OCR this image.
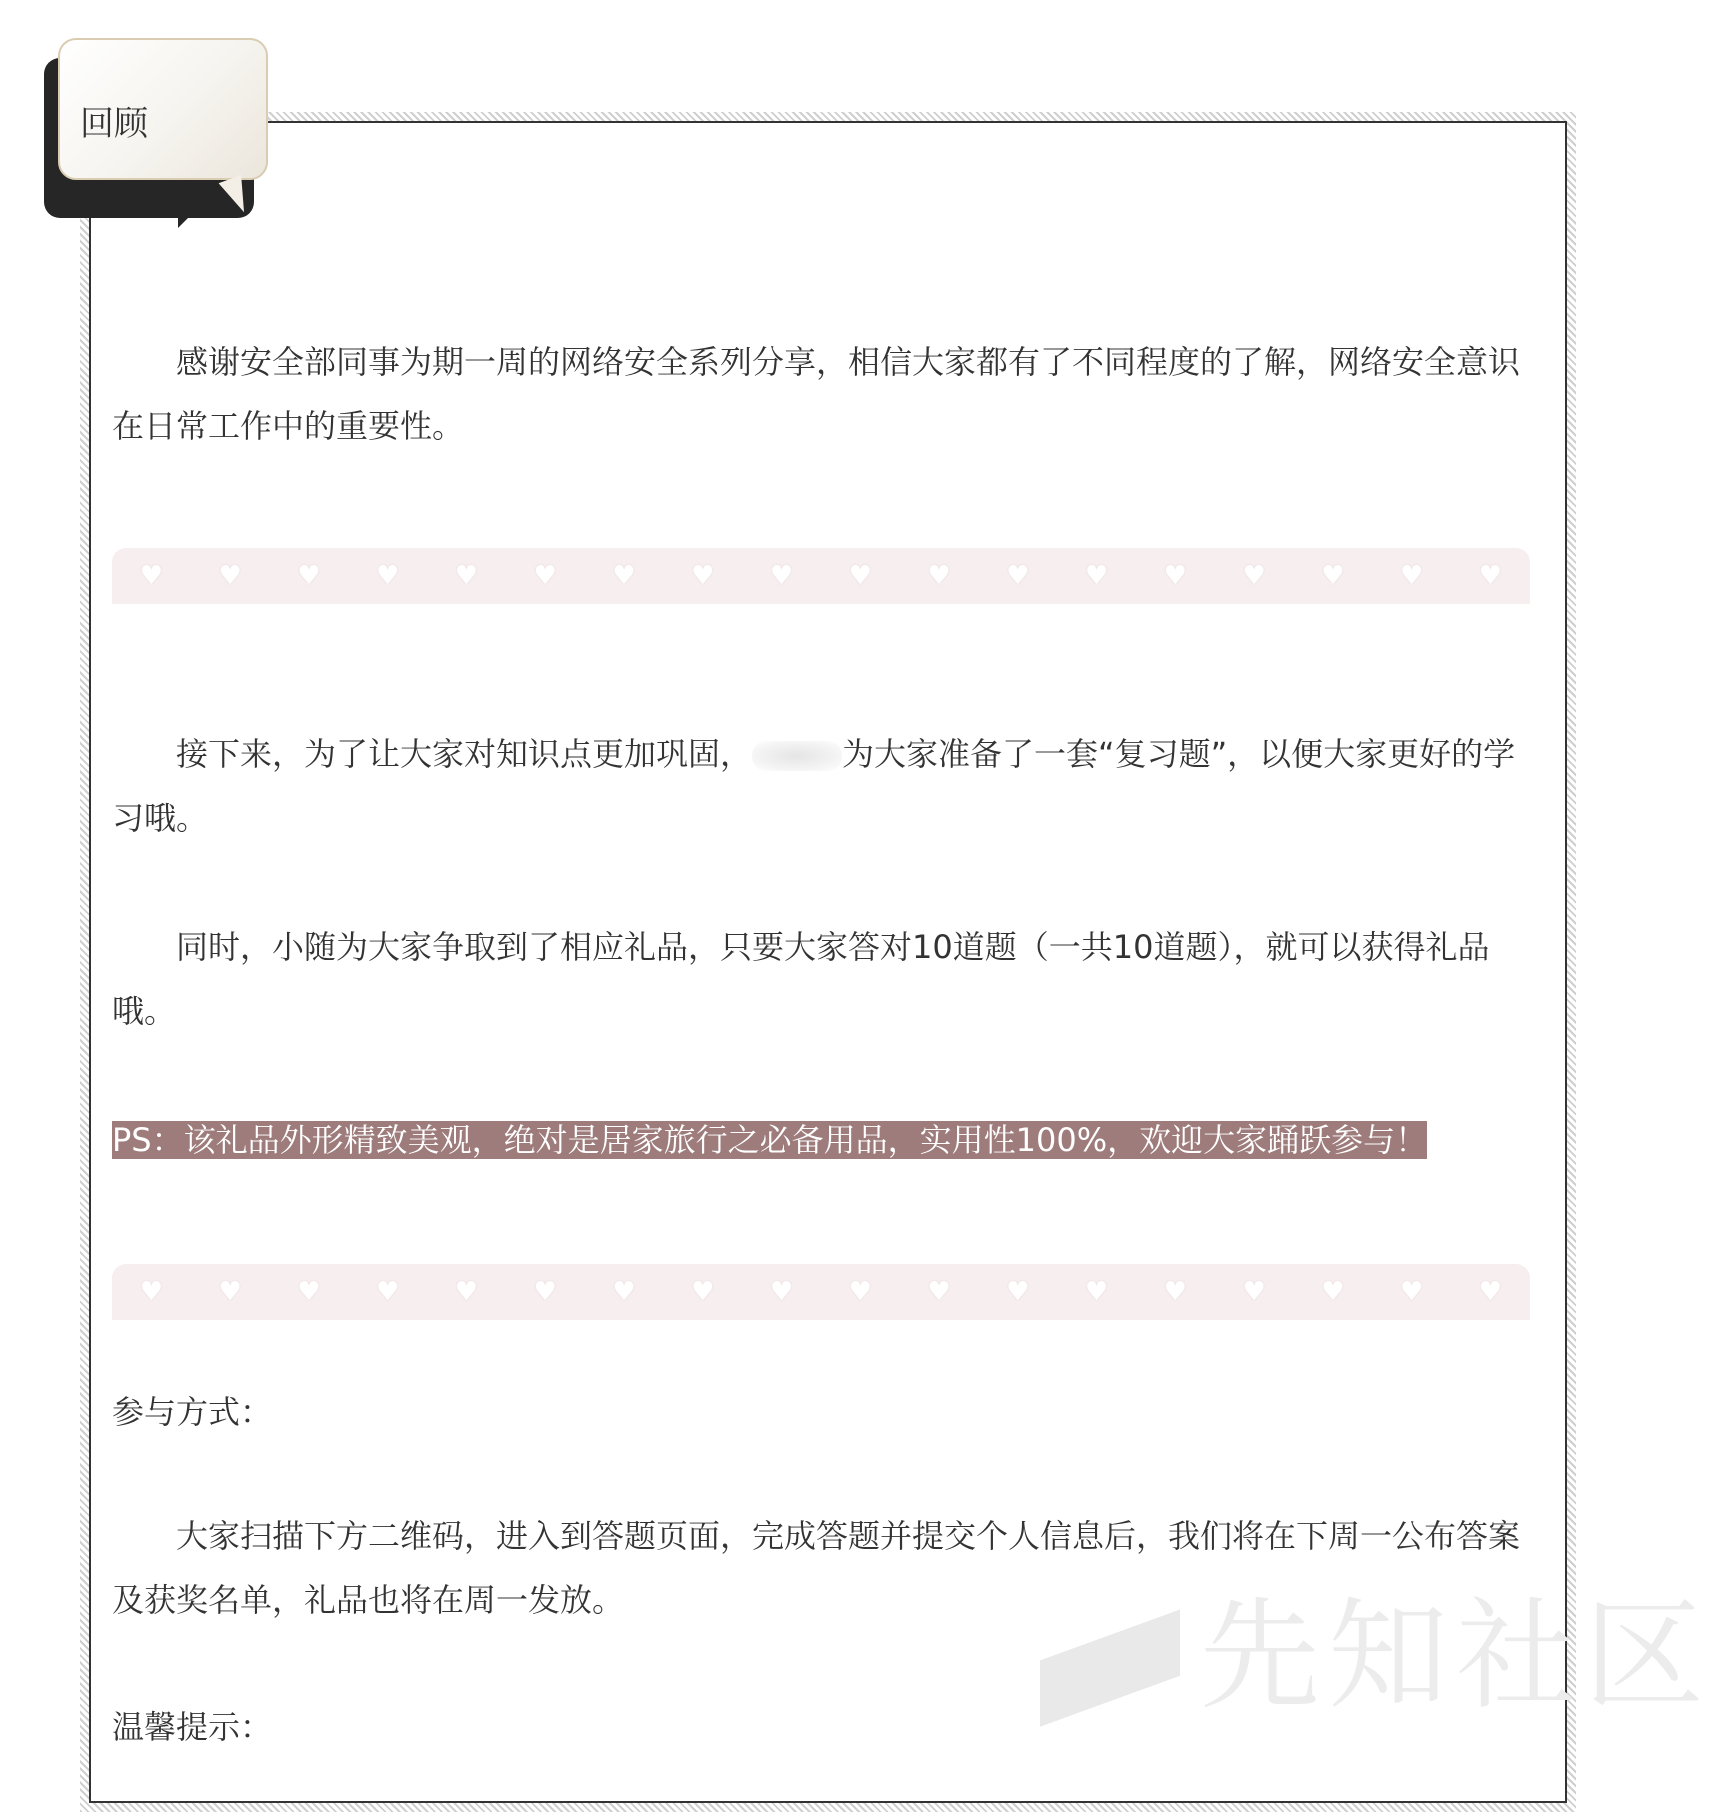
回顾

感谢安全部同事为期一周的网络安全系列分享，相信大家都有了不同程度的了解，网络安全意识在日常工作中的重要性。

♥ ♥ ♥ ♥ ♥ ♥ ♥ ♥ ♥ ♥ ♥ ♥ ♥ ♥ ♥ ♥ ♥ ♥

接下来，为了让大家对知识点更加巩固，	为大家准备了一套“复习题”，以便大家更好的学习哦。

同时，小随为大家争取到了相应礼品，只要大家答对10道题（一共10道题），就可以获得礼品哦。

PS：该礼品外形精致美观，绝对是居家旅行之必备用品，实用性100%，欢迎大家踊跃参与！

♥ ♥ ♥ ♥ ♥ ♥ ♥ ♥ ♥ ♥ ♥ ♥ ♥ ♥ ♥ ♥ ♥ ♥

参与方式：

大家扫描下方二维码，进入到答题页面，完成答题并提交个人信息后，我们将在下周一公布答案及获奖名单，礼品也将在周一发放。

温馨提示：

先知社区
